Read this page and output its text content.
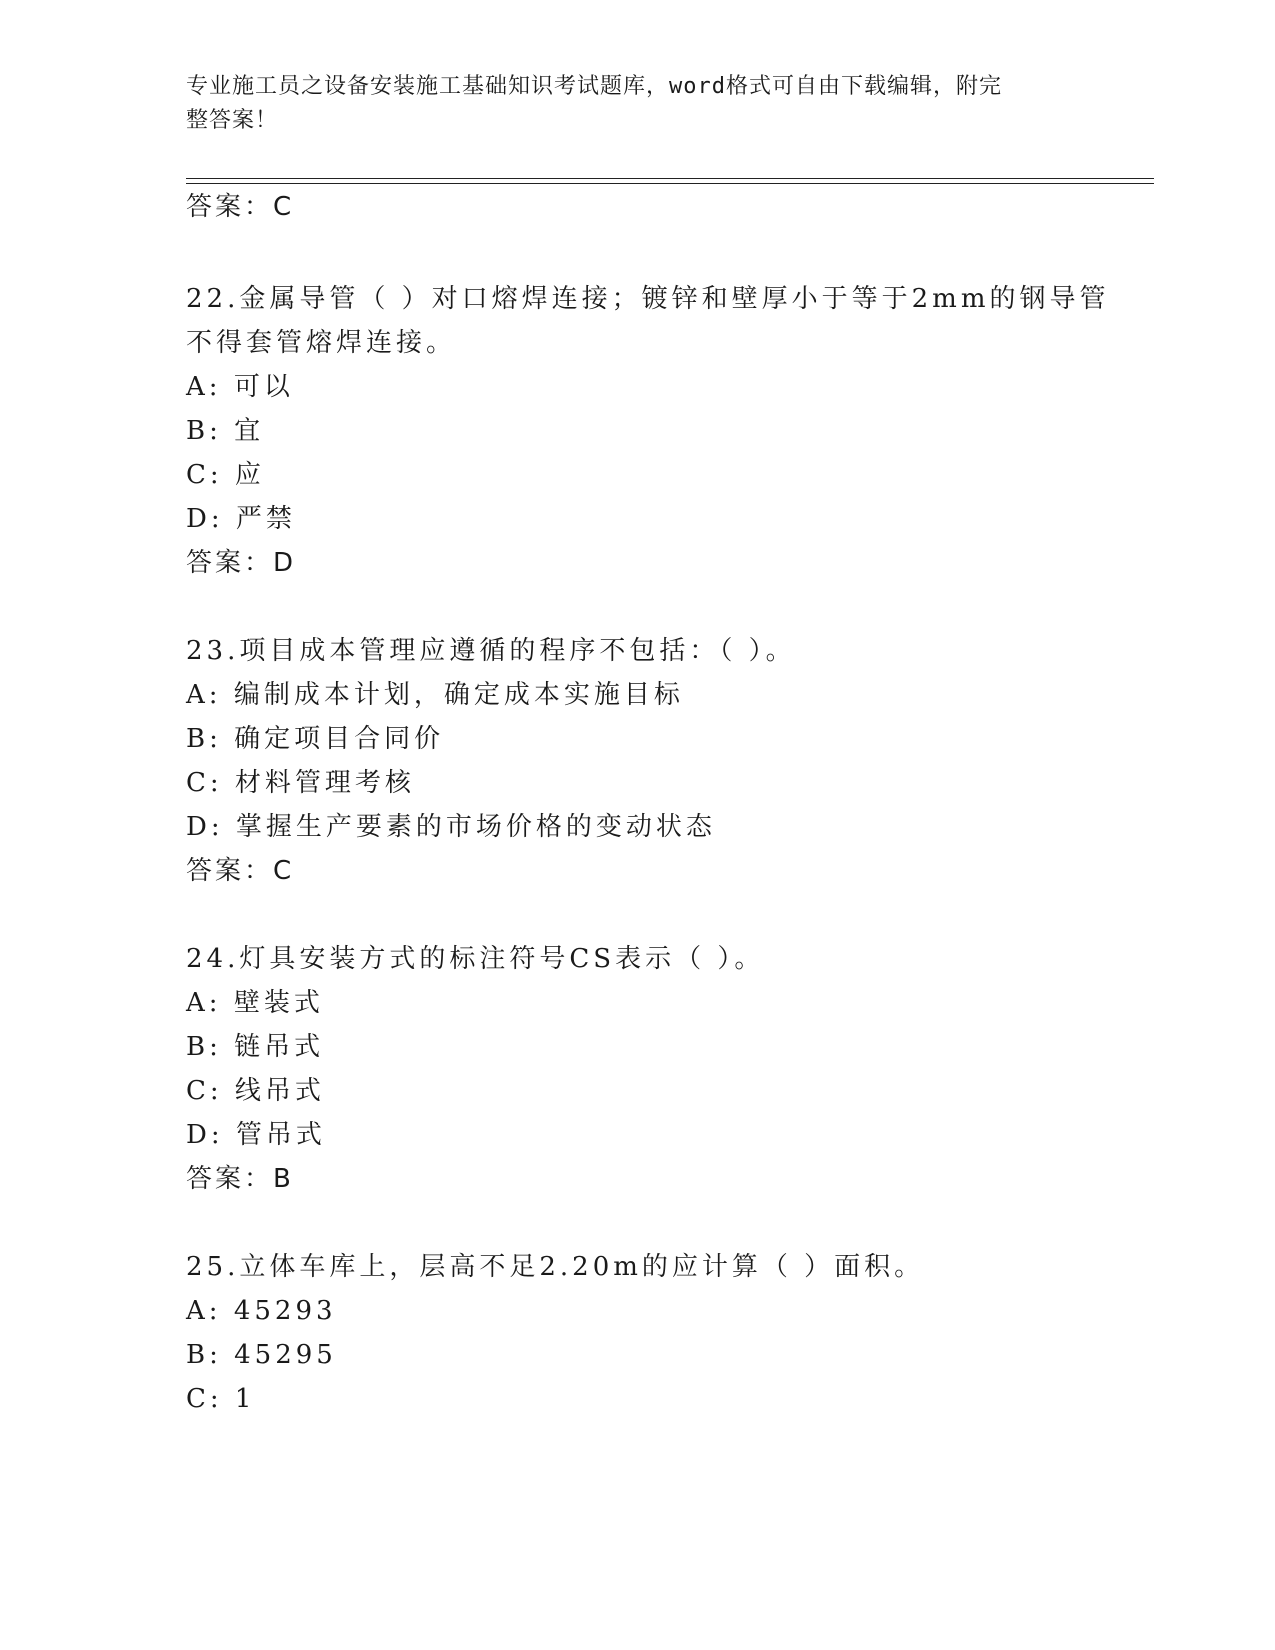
专业施工员之设备安装施工基础知识考试题库，word格式可自由下载编辑，附完
整答案！
答案：C
22.金属导管（ ）对口熔焊连接；镀锌和壁厚小于等于2mm的钢导管
不得套管熔焊连接。
A: 可以
B: 宜
C: 应
D: 严禁
答案：D
23.项目成本管理应遵循的程序不包括：（ ）。
A: 编制成本计划，确定成本实施目标
B: 确定项目合同价
C: 材料管理考核
D: 掌握生产要素的市场价格的变动状态
答案：C
24.灯具安装方式的标注符号CS表示（ ）。
A: 壁装式
B: 链吊式
C: 线吊式
D: 管吊式
答案：B
25.立体车库上，层高不足2.20m的应计算（ ）面积。
A: 45293
B: 45295
C: 1
